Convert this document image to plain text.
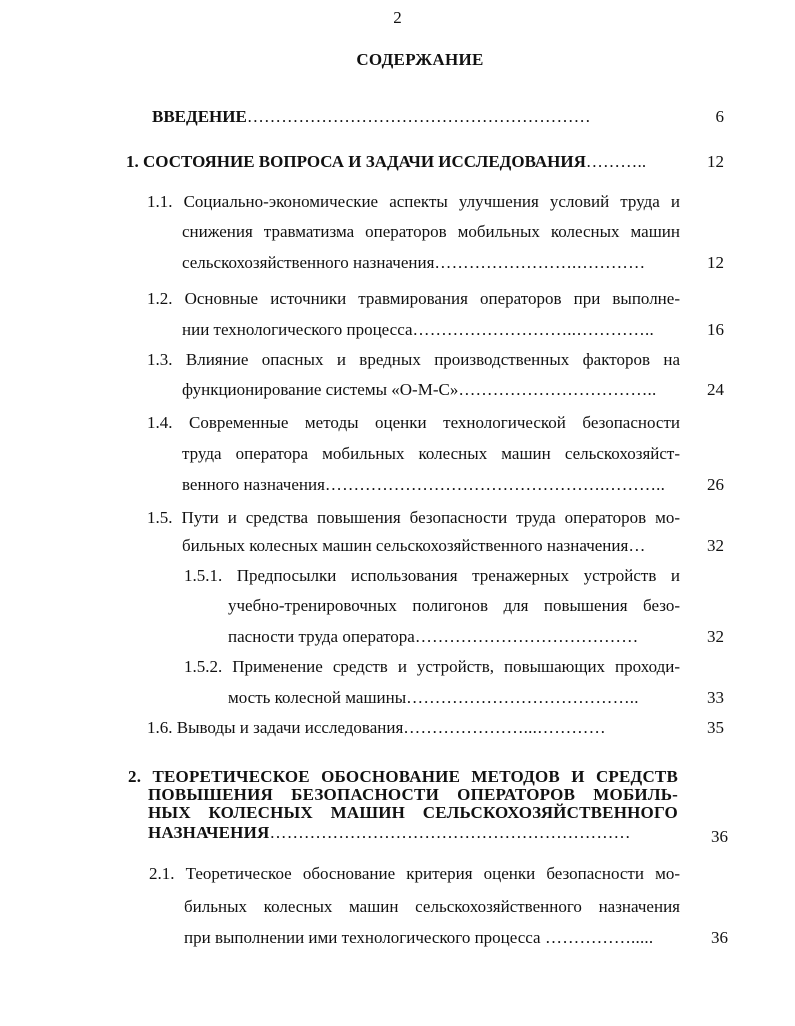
2
СОДЕРЖАНИЕ
ВВЕДЕНИЕ……………………………………………………	6
1. СОСТОЯНИЕ ВОПРОСА И ЗАДАЧИ ИССЛЕДОВАНИЯ………..	12
1.1. Социально-экономические аспекты улучшения условий труда и
снижения травматизма операторов мобильных колесных машин
сельскохозяйственного назначения…………………….…………	12
1.2. Основные источники травмирования операторов при выполне-
нии технологического процесса………………………..…………..	16
1.3. Влияние опасных и вредных производственных факторов на
функционирование системы «О-М-С»……………………………..	24
1.4. Современные методы оценки технологической безопасности
труда оператора мобильных колесных машин сельскохозяйст-
венного назначения………………………………………….………..	26
1.5. Пути и средства повышения безопасности труда операторов мо-
бильных колесных машин сельскохозяйственного назначения…	32
1.5.1. Предпосылки использования тренажерных устройств и
учебно-тренировочных полигонов для повышения безо-
пасности труда оператора…………………………………	32
1.5.2. Применение средств и устройств, повышающих проходи-
мость колесной машины…………………………………..	33
1.6. Выводы и задачи исследования…………………...…………	35
2. ТЕОРЕТИЧЕСКОЕ ОБОСНОВАНИЕ МЕТОДОВ И СРЕДСТВ
ПОВЫШЕНИЯ БЕЗОПАСНОСТИ ОПЕРАТОРОВ МОБИЛЬ-
НЫХ КОЛЕСНЫХ МАШИН СЕЛЬСКОХОЗЯЙСТВЕННОГО
НАЗНАЧЕНИЯ………………………………………………………	36
2.1. Теоретическое обоснование критерия оценки безопасности мо-
бильных колесных машин сельскохозяйственного назначения
при выполнении ими технологического процесса …………….....	36
